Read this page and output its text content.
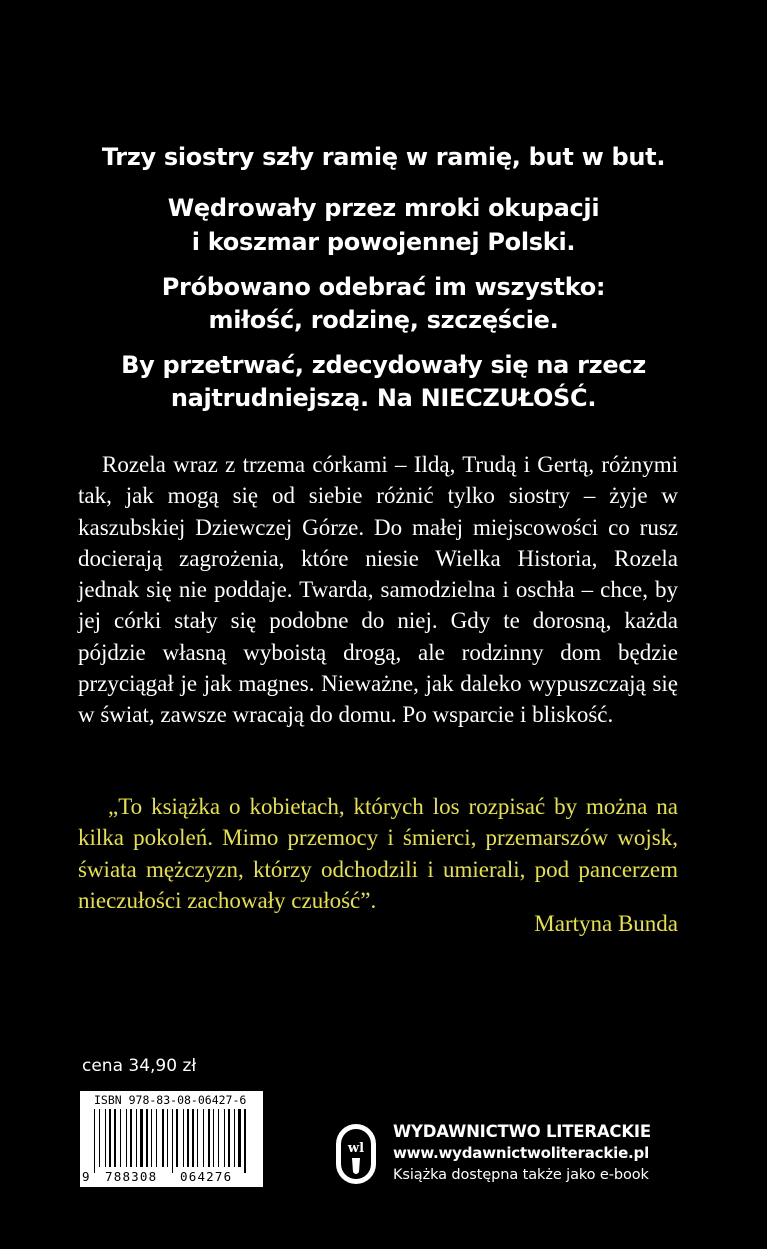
Trzy siostry szły ramię w ramię, but w but.
Wędrowały przez mroki okupacji
i koszmar powojennej Polski.
Próbowano odebrać im wszystko:
miłość, rodzinę, szczęście.
By przetrwać, zdecydowały się na rzecz
najtrudniejszą. Na NIECZUŁOŚĆ.

Rozela wraz z trzema córkami – Ildą, Trudą i Gertą, różnymi tak, jak mogą się od siebie różnić tylko siostry – żyje w kaszubskiej Dziewczej Górze. Do małej miejscowości co rusz docierają zagrożenia, które niesie Wielka Historia, Rozela jednak się nie poddaje. Twarda, samodzielna i oschła – chce, by jej córki stały się podobne do niej. Gdy te dorosną, każda pójdzie własną wyboistą drogą, ale rodzinny dom będzie przyciągał je jak magnes. Nieważne, jak daleko wypuszczają się w świat, zawsze wracają do domu. Po wsparcie i bliskość.

„To książka o kobietach, których los rozpisać by można na kilka pokoleń. Mimo przemocy i śmierci, przemarszów wojsk, świata mężczyzn, którzy odchodzili i umierali, pod pancerzem nieczułości zachowały czułość”.

Martyna Bunda
cena 34,90 zł
ISBN 978-83-08-06427-6
9 788308 064276
wl
WYDAWNICTWO LITERACKIE
www.wydawnictwoliterackie.pl
Książka dostępna także jako e-book
